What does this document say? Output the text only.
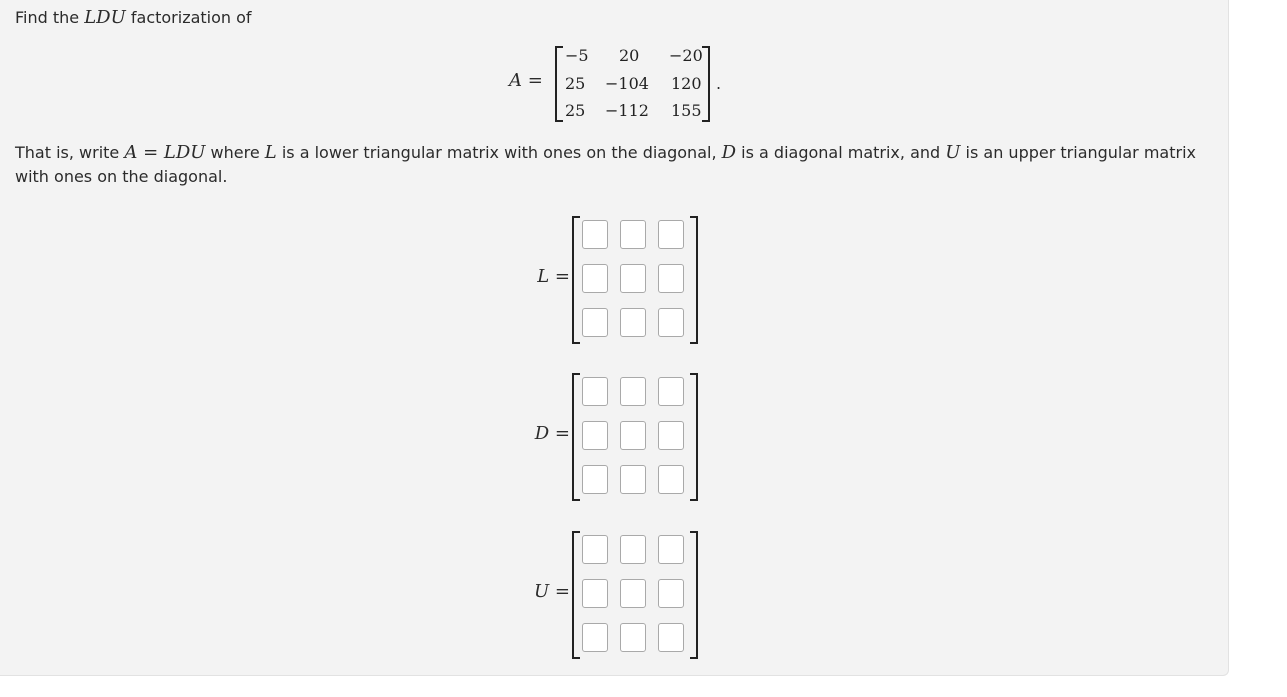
Find the LDU factorization of
A =
−5 20 −20
25 −104 120
25 −112 155
.
That is, write A = LDU where L is a lower triangular matrix with ones on the diagonal, D is a diagonal matrix, and U is an upper triangular matrix with ones on the diagonal.
L =
D =
U =
